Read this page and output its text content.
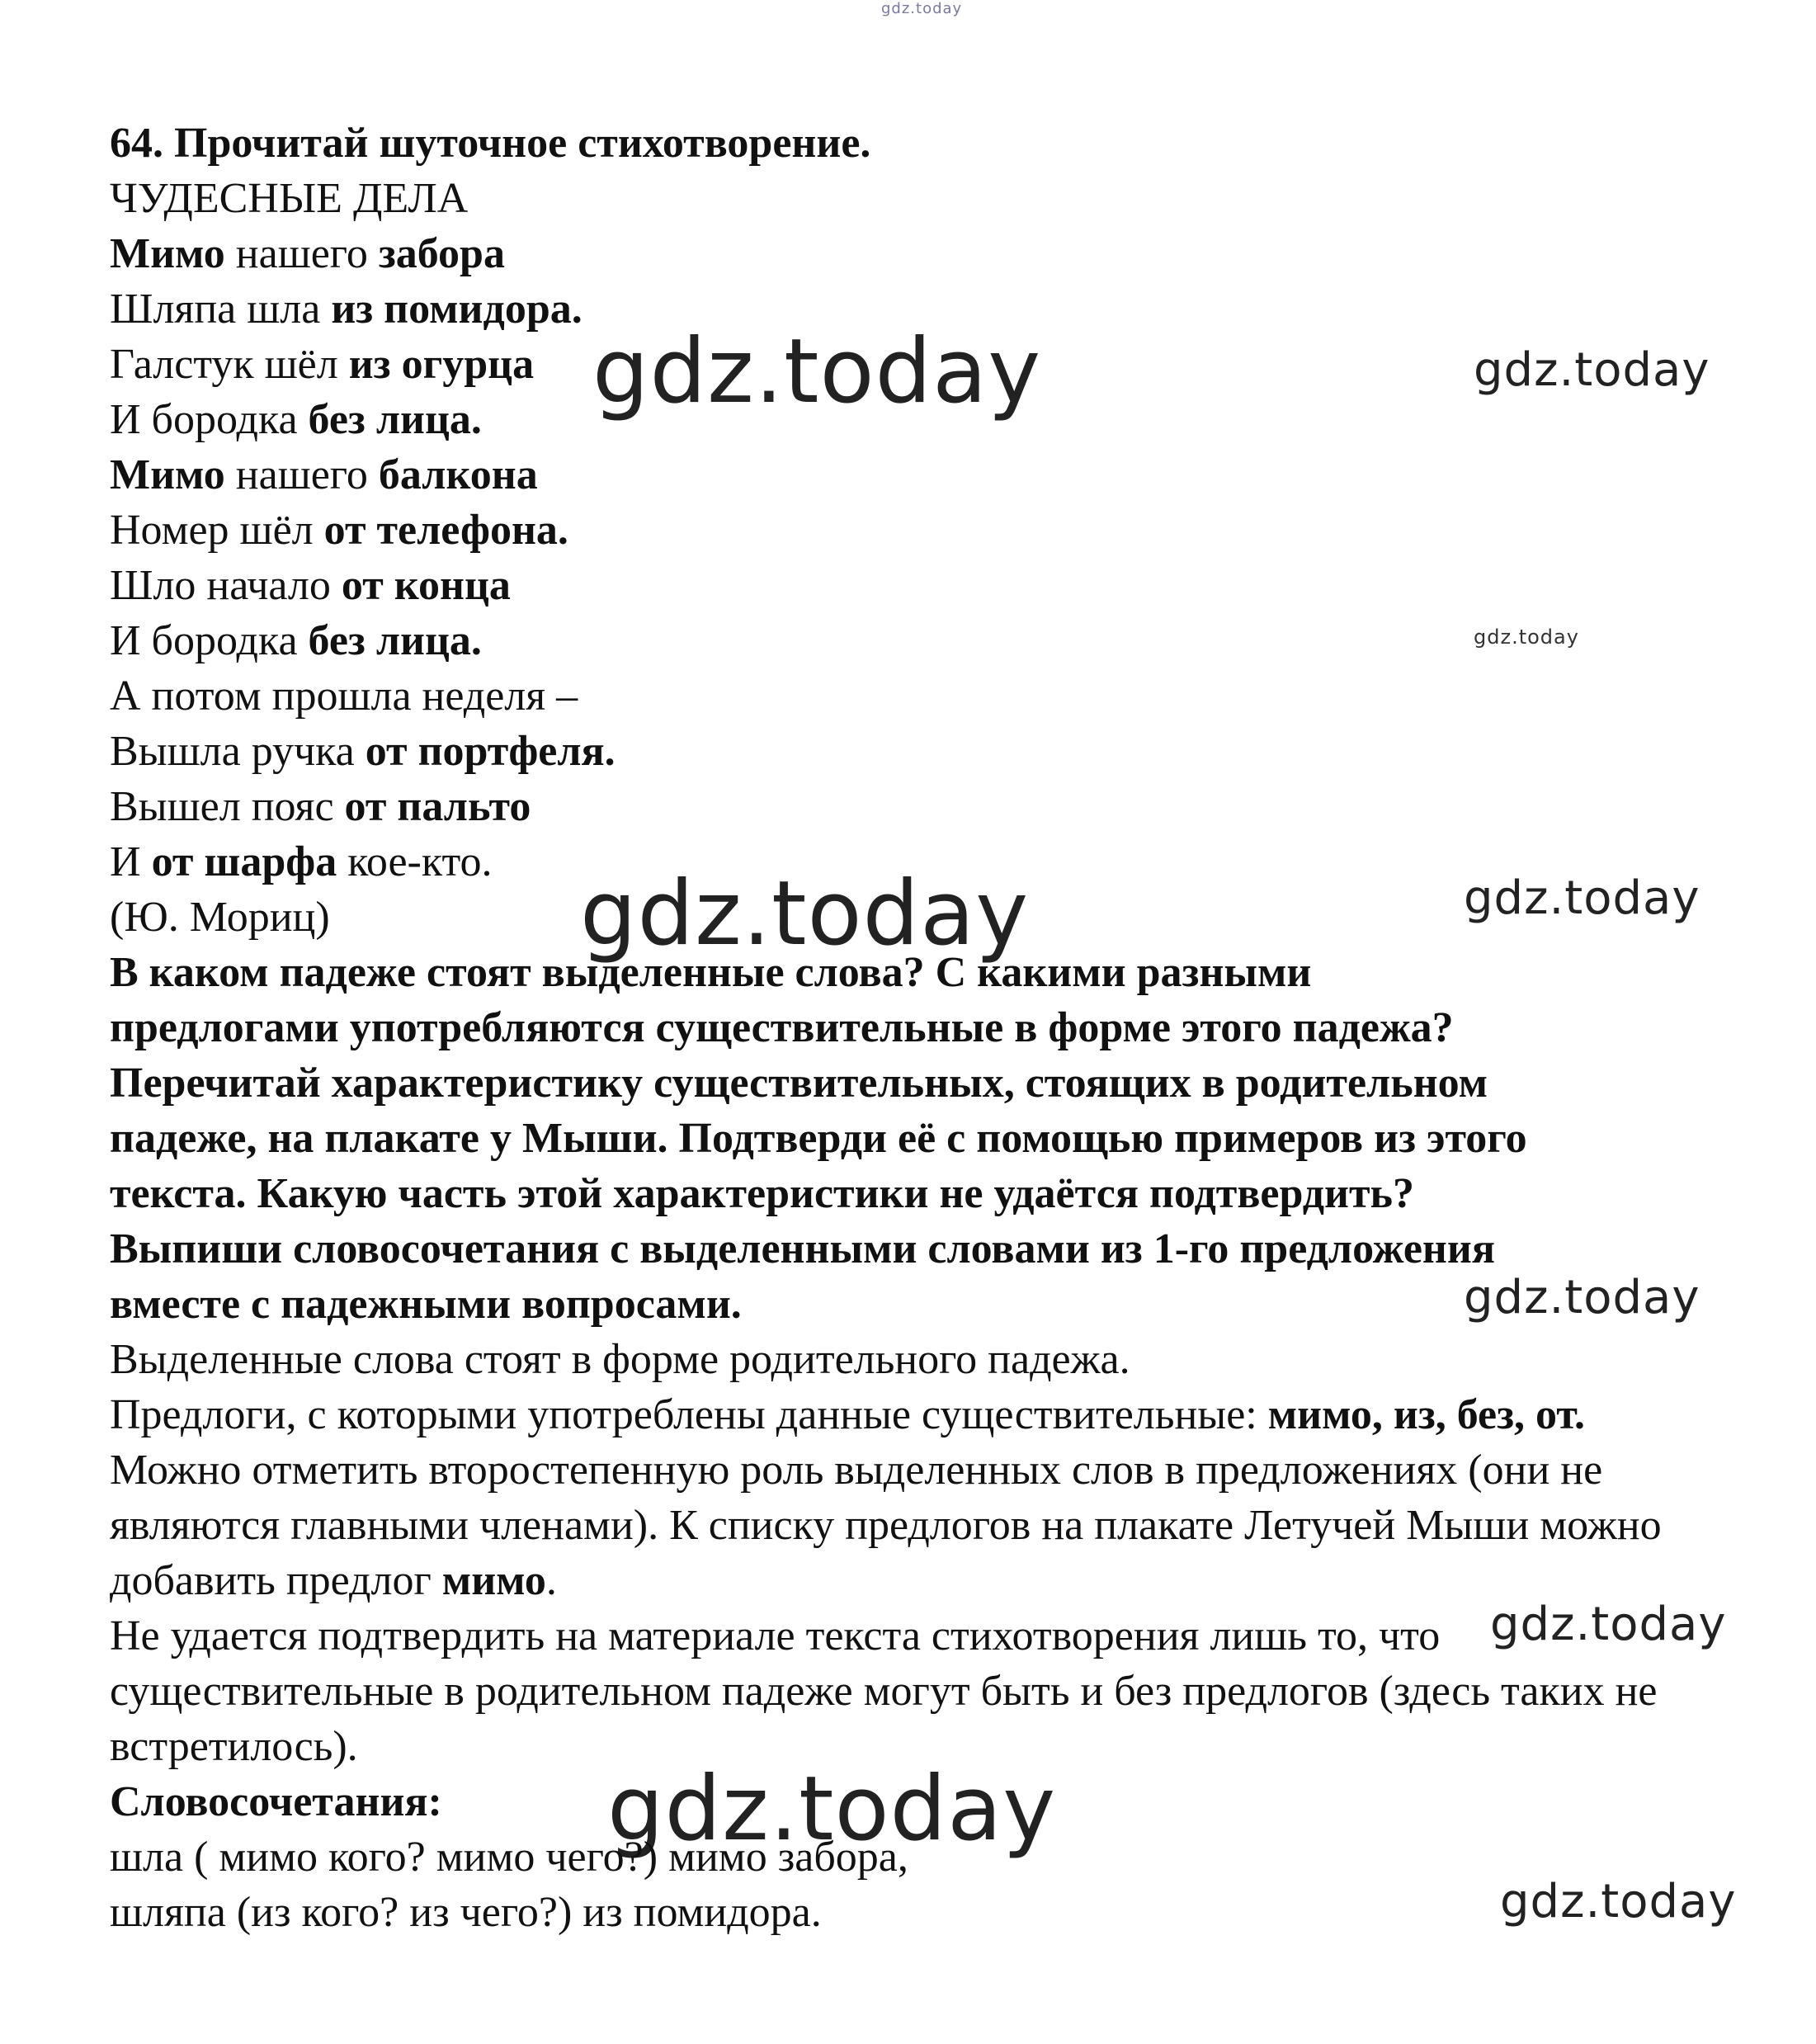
gdz.today
gdz.today	gdz.today
gdz.today
gdz.today	gdz.today
gdz.today
gdz.today
gdz.today
gdz.today
64. Прочитай шуточное стихотворение.
ЧУДЕСНЫЕ ДЕЛА
Мимо нашего забора
Шляпа шла из помидора.
Галстук шёл из огурца
И бородка без лица.
Мимо нашего балкона
Номер шёл от телефона.
Шло начало от конца
И бородка без лица.
А потом прошла неделя –
Вышла ручка от портфеля.
Вышел пояс от пальто
И от шарфа кое-кто.
(Ю. Мориц)
В каком падеже стоят выделенные слова? С какими разными
предлогами употребляются существительные в форме этого падежа?
Перечитай характеристику существительных, стоящих в родительном
падеже, на плакате у Мыши. Подтверди её с помощью примеров из этого
текста. Какую часть этой характеристики не удаётся подтвердить?
Выпиши словосочетания с выделенными словами из 1-го предложения
вместе с падежными вопросами.
Выделенные слова стоят в форме родительного падежа.
Предлоги, с которыми употреблены данные существительные: мимо, из, без, от.
Можно отметить второстепенную роль выделенных слов в предложениях (они не являются главными членами). К списку предлогов на плакате Летучей Мыши можно добавить предлог мимо.
Не удается подтвердить на материале текста стихотворения лишь то, что существительные в родительном падеже могут быть и без предлогов (здесь таких не встретилось).
Словосочетания:
шла ( мимо кого? мимо чего?) мимо забора,
шляпа (из кого? из чего?) из помидора.
